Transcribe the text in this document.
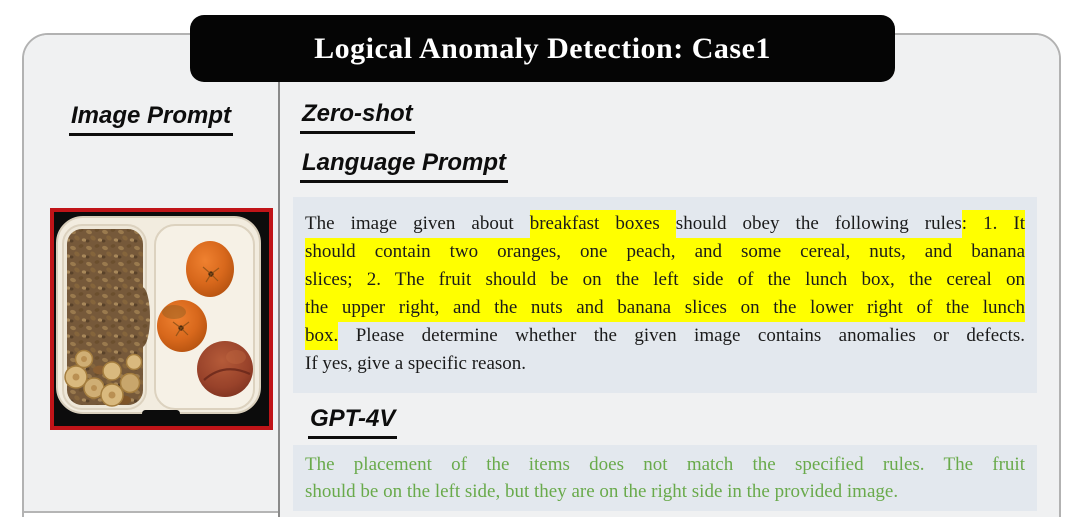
Image Prompt	Zero-shot
Language Prompt
The image given about breakfast boxes should obey the following rules: 1. It
should contain two oranges, one peach, and some cereal, nuts, and banana
slices; 2. The fruit should be on the left side of the lunch box, the cereal on
the upper right, and the nuts and banana slices on the lower right of the lunch
box. Please determine whether the given image contains anomalies or defects.
If yes, give a specific reason.
GPT-4V
The placement of the items does not match the specified rules. The fruit
should be on the left side, but they are on the right side in the provided image.
Logical Anomaly Detection: Case1
